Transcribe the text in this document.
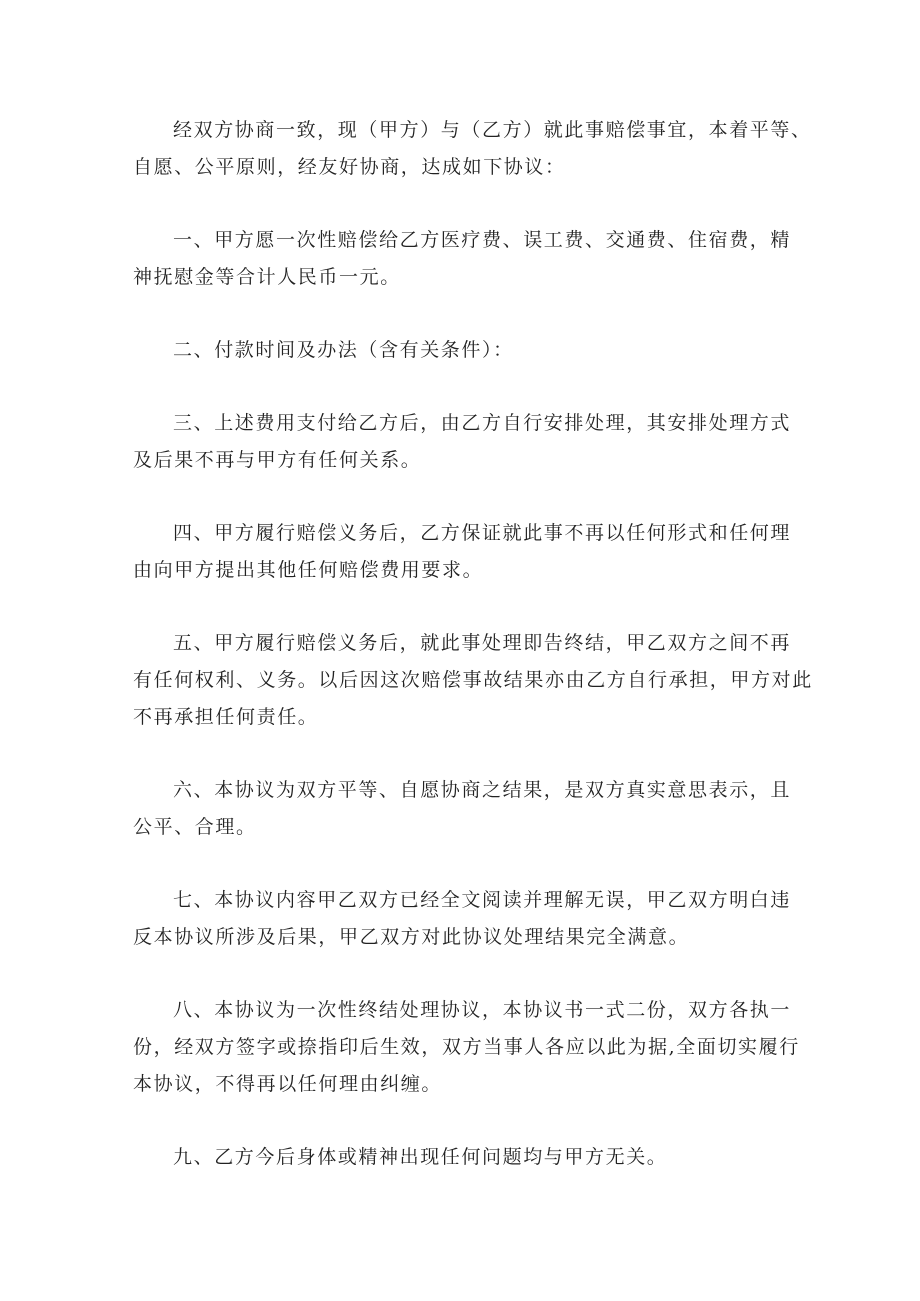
经双方协商一致，现（甲方）与（乙方）就此事赔偿事宜，本着平等、
自愿、公平原则，经友好协商，达成如下协议：

一、甲方愿一次性赔偿给乙方医疗费、误工费、交通费、住宿费，精
神抚慰金等合计人民币一元。

二、付款时间及办法（含有关条件）：

三、上述费用支付给乙方后，由乙方自行安排处理，其安排处理方式
及后果不再与甲方有任何关系。

四、甲方履行赔偿义务后，乙方保证就此事不再以任何形式和任何理
由向甲方提出其他任何赔偿费用要求。

五、甲方履行赔偿义务后，就此事处理即告终结，甲乙双方之间不再
有任何权利、义务。以后因这次赔偿事故结果亦由乙方自行承担，甲方对此
不再承担任何责任。

六、本协议为双方平等、自愿协商之结果，是双方真实意思表示，且
公平、合理。

七、本协议内容甲乙双方已经全文阅读并理解无误，甲乙双方明白违
反本协议所涉及后果，甲乙双方对此协议处理结果完全满意。

八、本协议为一次性终结处理协议，本协议书一式二份，双方各执一
份，经双方签字或捺指印后生效，双方当事人各应以此为据,全面切实履行
本协议，不得再以任何理由纠缠。

九、乙方今后身体或精神出现任何问题均与甲方无关。
